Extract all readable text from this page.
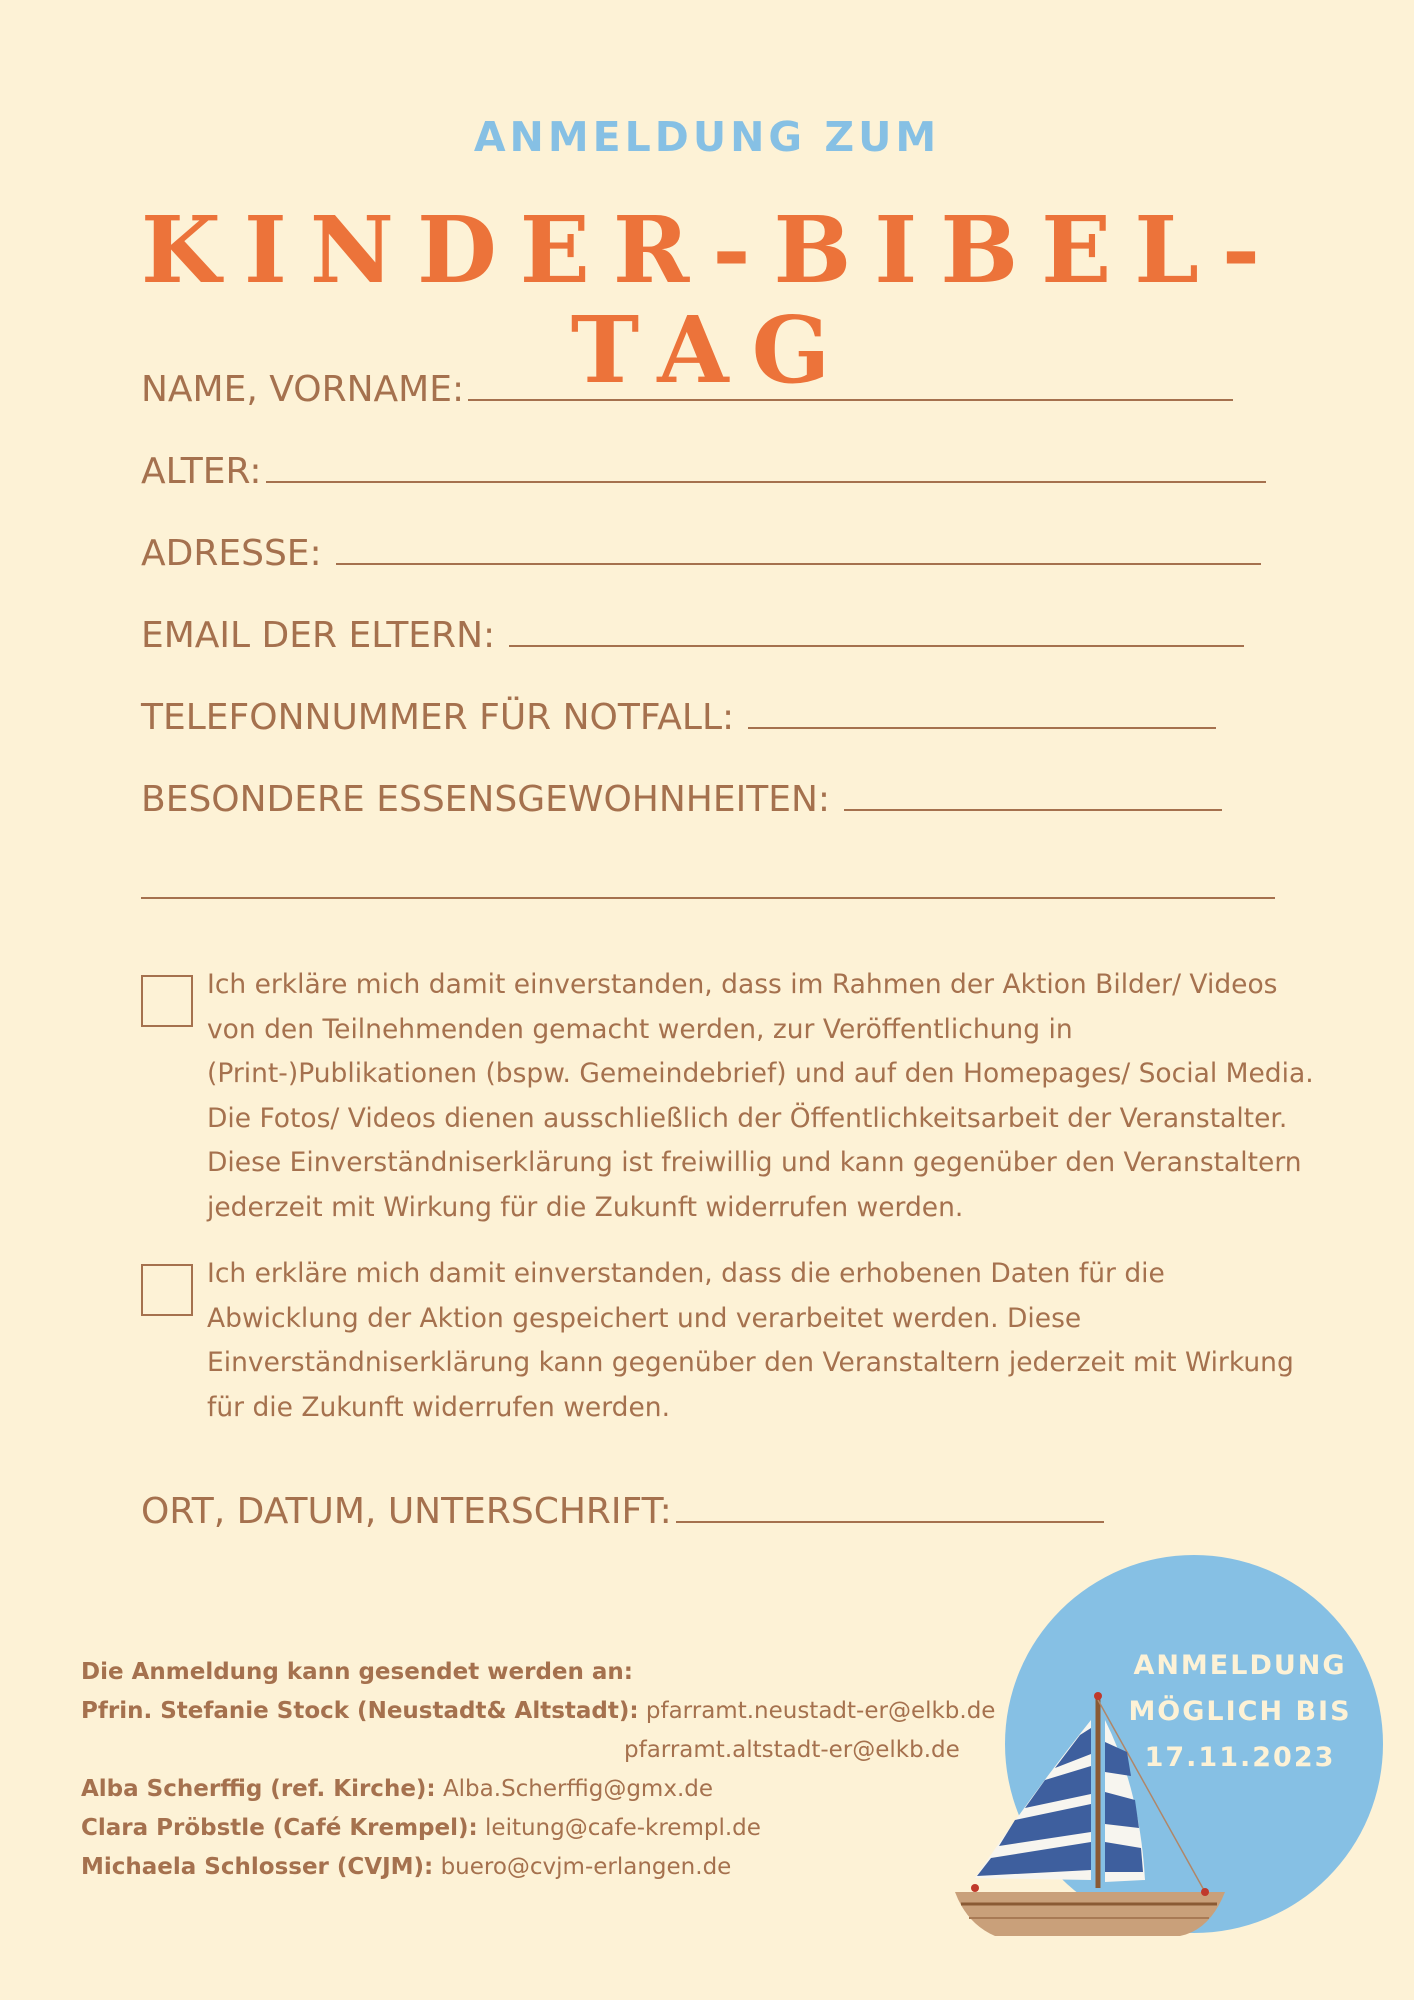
ANMELDUNG ZUM
KINDER-BIBEL-TAG
NAME, VORNAME:
ALTER:
ADRESSE:
EMAIL DER ELTERN:
TELEFONNUMMER FÜR NOTFALL:
BESONDERE ESSENSGEWOHNHEITEN:
Ich erkläre mich damit einverstanden, dass im Rahmen der Aktion Bilder/ Videos von den Teilnehmenden gemacht werden, zur Veröffentlichung in (Print-)Publikationen (bspw. Gemeindebrief) und auf den Homepages/ Social Media. Die Fotos/ Videos dienen ausschließlich der Öffentlichkeitsarbeit der Veranstalter. Diese Einverständniserklärung ist freiwillig und kann gegenüber den Veranstaltern jederzeit mit Wirkung für die Zukunft widerrufen werden.
Ich erkläre mich damit einverstanden, dass die erhobenen Daten für die Abwicklung der Aktion gespeichert und verarbeitet werden. Diese Einverständniserklärung kann gegenüber den Veranstaltern jederzeit mit Wirkung für die Zukunft widerrufen werden.
ORT, DATUM, UNTERSCHRIFT:
Die Anmeldung kann gesendet werden an:
Pfrin. Stefanie Stock (Neustadt& Altstadt): pfarramt.neustadt-er@elkb.de
pfarramt.altstadt-er@elkb.de
Alba Scherffig (ref. Kirche): Alba.Scherffig@gmx.de
Clara Pröbstle (Café Krempel): leitung@cafe-krempl.de
Michaela Schlosser (CVJM): buero@cvjm-erlangen.de
ANMELDUNG
MÖGLICH BIS
17.11.2023
